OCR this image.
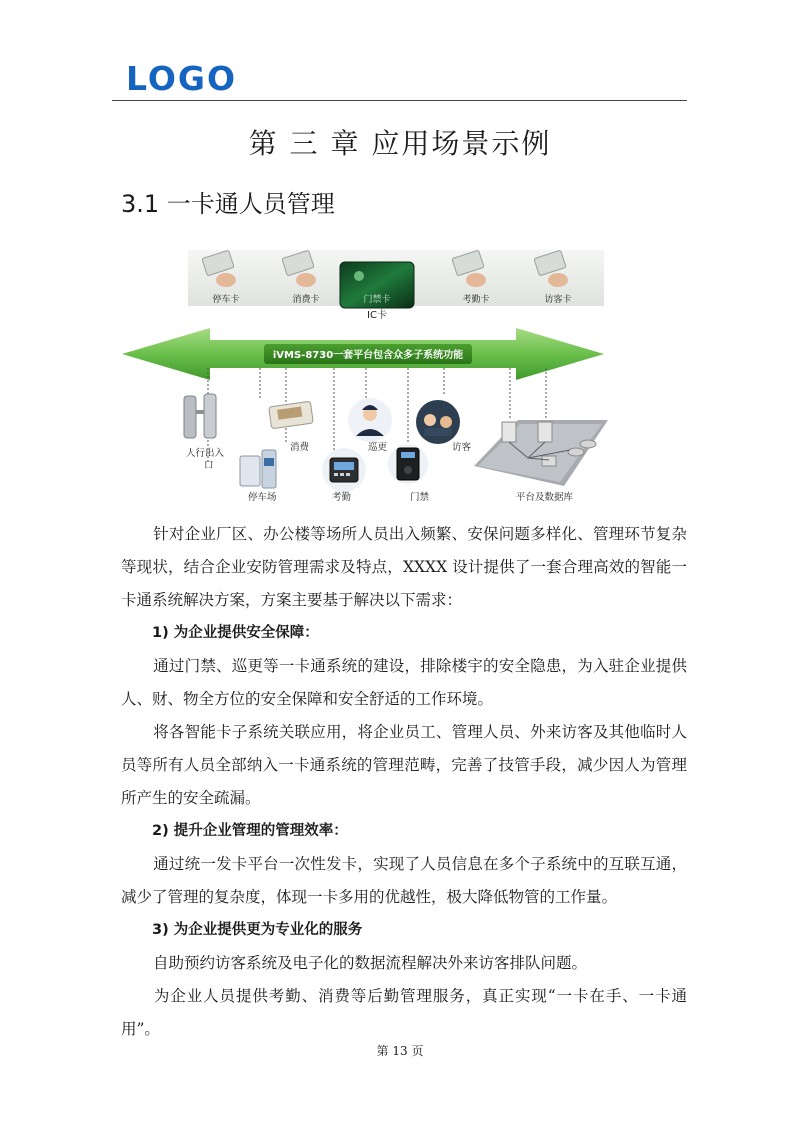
LOGO
第 三 章 应用场景示例
3.1 一卡通人员管理
停车卡	消费卡	门禁卡
IC卡
考勤卡	访客卡
iVMS-8730一套平台包含众多子系统功能
人行出入 口
停车场
消费
考勤
巡更
门禁
访客
平台及数据库

针对企业厂区、办公楼等场所人员出入频繁、安保问题多样化、管理环节复杂等现状，结合企业安防管理需求及特点，XXXX 设计提供了一套合理高效的智能一卡通系统解决方案，方案主要基于解决以下需求：

1) 为企业提供安全保障：

通过门禁、巡更等一卡通系统的建设，排除楼宇的安全隐患，为入驻企业提供人、财、物全方位的安全保障和安全舒适的工作环境。

将各智能卡子系统关联应用，将企业员工、管理人员、外来访客及其他临时人员等所有人员全部纳入一卡通系统的管理范畴，完善了技管手段，减少因人为管理所产生的安全疏漏。

2) 提升企业管理的管理效率：

通过统一发卡平台一次性发卡，实现了人员信息在多个子系统中的互联互通，减少了管理的复杂度，体现一卡多用的优越性，极大降低物管的工作量。

3) 为企业提供更为专业化的服务

自助预约访客系统及电子化的数据流程解决外来访客排队问题。

为企业人员提供考勤、消费等后勤管理服务，真正实现“一卡在手、一卡通用”。

第 13 页
